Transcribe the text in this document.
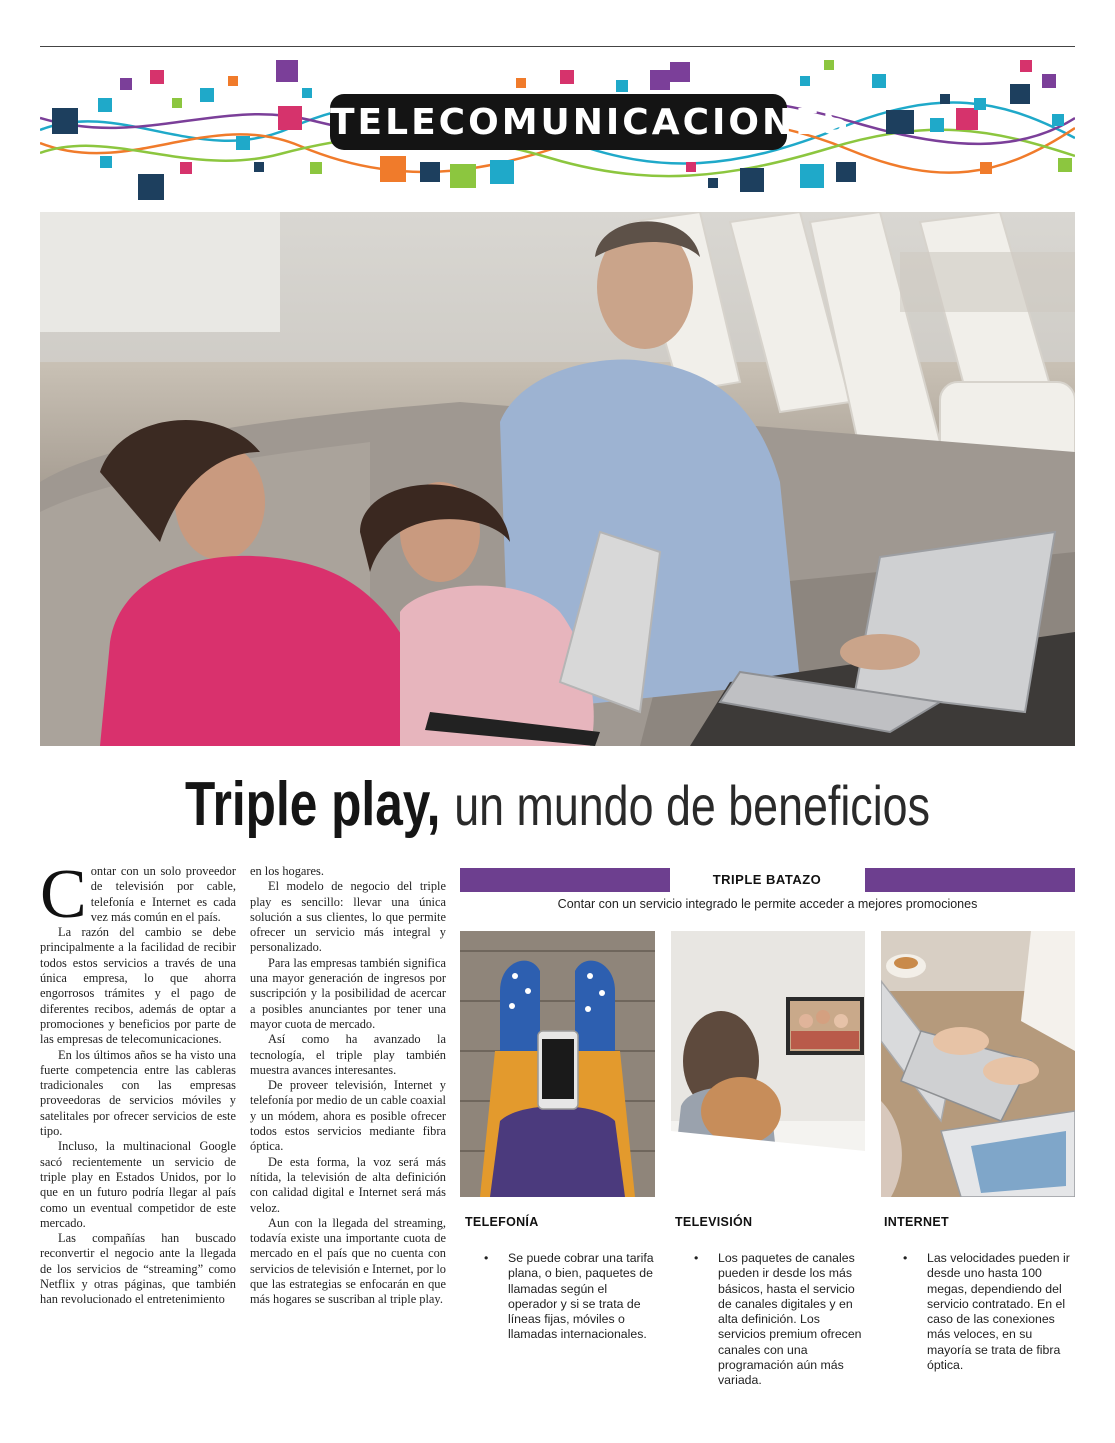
TELECOMUNICACIONES
Triple play, un mundo de beneficios
C ontar con un solo proveedor de televisión por cable, telefonía e Internet es cada vez más común en el país.

La razón del cambio se debe principalmente a la facilidad de recibir todos estos servicios a través de una única empresa, lo que ahorra engorrosos trámites y el pago de diferentes recibos, además de optar a promociones y beneficios por parte de las empresas de telecomunicaciones.

En los últimos años se ha visto una fuerte competencia entre las cableras tradicionales con las empresas proveedoras de servicios móviles y satelitales por ofrecer servicios de este tipo.

Incluso, la multinacional Google sacó recientemente un servicio de triple play en Estados Unidos, por lo que en un futuro podría llegar al país como un eventual competidor de este mercado.

Las compañías han buscado reconvertir el negocio ante la llegada de los servicios de “streaming” como Netflix y otras páginas, que también han revolucionado el entretenimiento

en los hogares.

El modelo de negocio del triple play es sencillo: llevar una única solución a sus clientes, lo que permite ofrecer un servicio más integral y personalizado.

Para las empresas también significa una mayor generación de ingresos por suscripción y la posibilidad de acercar a posibles anunciantes por tener una mayor cuota de mercado.

Así como ha avanzado la tecnología, el triple play también muestra avances interesantes.

De proveer televisión, Internet y telefonía por medio de un cable coaxial y un módem, ahora es posible ofrecer todos estos servicios mediante fibra óptica.

De esta forma, la voz será más nítida, la televisión de alta definición con calidad digital e Internet será más veloz.

Aun con la llegada del streaming, todavía existe una importante cuota de mercado en el país que no cuenta con servicios de televisión e Internet, por lo que las estrategias se enfocarán en que más hogares se suscriban al triple play.

TRIPLE BATAZO
Contar con un servicio integrado le permite acceder a mejores promociones
TELEFONÍA
• Se puede cobrar una tarifa plana, o bien, paquetes de llamadas según el operador y si se trata de líneas fijas, móviles o llamadas internacionales.
TELEVISIÓN
• Los paquetes de canales pueden ir desde los más básicos, hasta el servicio de canales digitales y en alta definición. Los servicios premium ofrecen canales con una programación aún más variada.
INTERNET
• Las velocidades pueden ir desde uno hasta 100 megas, dependiendo del servicio contratado. En el caso de las conexiones más veloces, en su mayoría se trata de fibra óptica.
